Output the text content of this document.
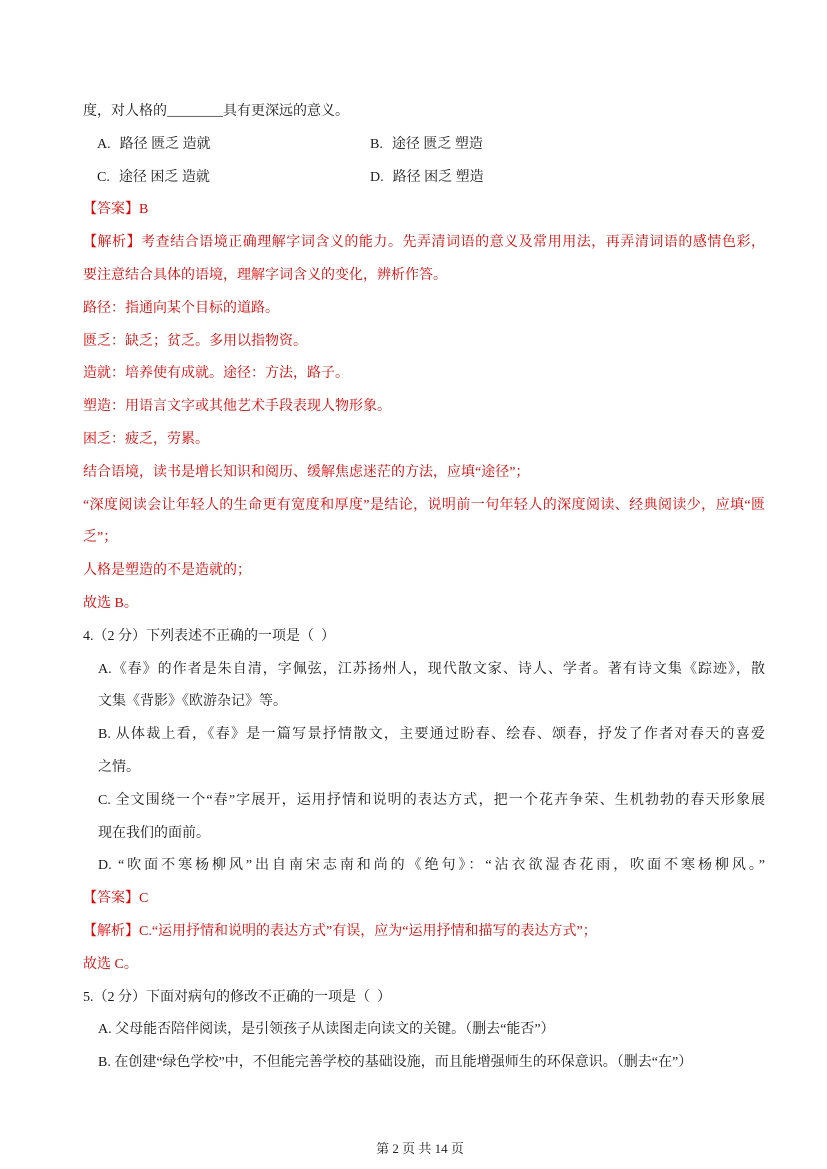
度，对人格的________具有更深远的意义。
A. 路径 匮乏 造就	B. 途径 匮乏 塑造
C. 途径 困乏 造就	D. 路径 困乏 塑造
【答案】B
【解析】考查结合语境正确理解字词含义的能力。先弄清词语的意义及常用用法，再弄清词语的感情色彩，
要注意结合具体的语境，理解字词含义的变化，辨析作答。
路径：指通向某个目标的道路。
匮乏：缺乏；贫乏。多用以指物资。
造就：培养使有成就。途径：方法，路子。
塑造：用语言文字或其他艺术手段表现人物形象。
困乏：疲乏，劳累。
结合语境，读书是增长知识和阅历、缓解焦虑迷茫的方法，应填“途径”；
“深度阅读会让年轻人的生命更有宽度和厚度”是结论，说明前一句年轻人的深度阅读、经典阅读少，应填“匮
乏”；
人格是塑造的不是造就的；
故选 B。
4.（2 分）下列表述不正确的一项是（  ）
A.《春》的作者是朱自清，字佩弦，江苏扬州人，现代散文家、诗人、学者。著有诗文集《踪迹》，散
文集《背影》《欧游杂记》等。
B. 从体裁上看，《春》是一篇写景抒情散文，主要通过盼春、绘春、颂春，抒发了作者对春天的喜爱
之情。
C. 全文围绕一个“春”字展开，运用抒情和说明的表达方式，把一个花卉争荣、生机勃勃的春天形象展
现在我们的面前。
D. “吹面不寒杨柳风”出自南宋志南和尚的《绝句》：“沾衣欲湿杏花雨，吹面不寒杨柳风。”
【答案】C
【解析】C.“运用抒情和说明的表达方式”有误，应为“运用抒情和描写的表达方式”；
故选 C。
5.（2 分）下面对病句的修改不正确的一项是（  ）
A. 父母能否陪伴阅读，是引领孩子从读图走向读文的关键。（删去“能否”）
B. 在创建“绿色学校”中，不但能完善学校的基础设施，而且能增强师生的环保意识。（删去“在”）

第 2 页 共 14 页
